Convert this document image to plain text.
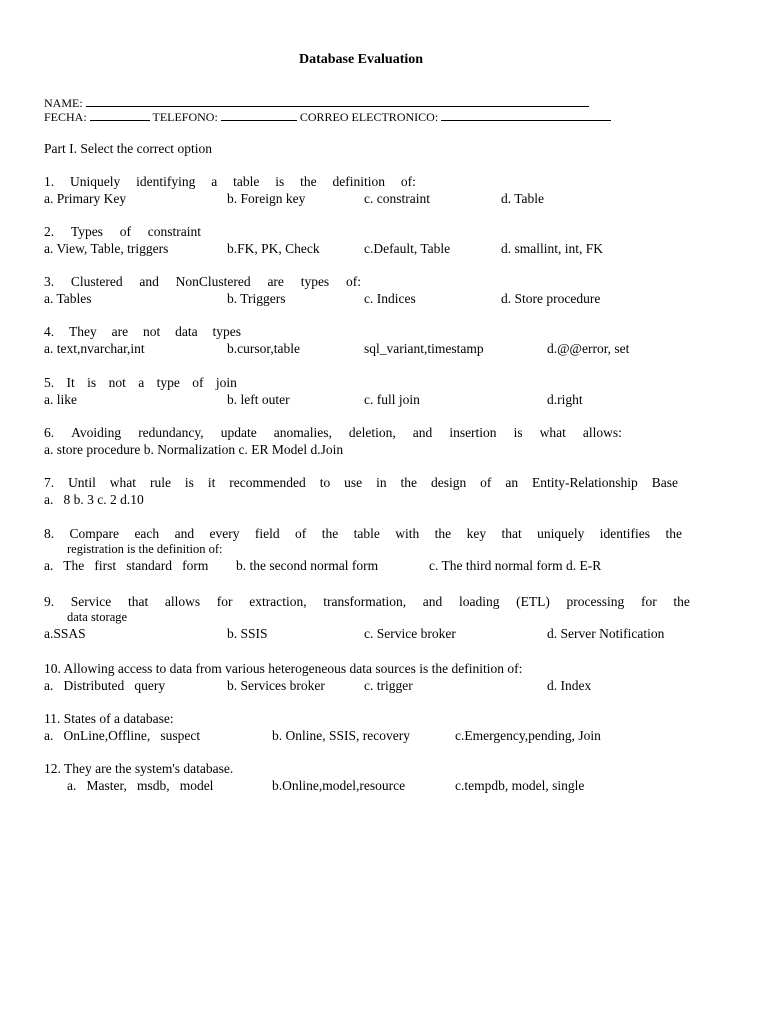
Database Evaluation
NAME:
FECHA:	TELEFONO:	CORREO ELECTRONICO:
Part I. Select the correct option
1. Uniquely identifying a table is the definition of:
a. Primary Key	b. Foreign key	c. constraint	d. Table
2. Types of constraint
a. View, Table, triggers	b.FK, PK, Check	c.Default, Table	d. smallint, int, FK
3. Clustered and NonClustered are types of:
a. Tables	b. Triggers	c. Indices	d. Store procedure
4. They are not data types
a. text,nvarchar,int	b.cursor,table	sql_variant,timestamp	d.@@error, set
5. It is not a type of join
a. like	b. left outer	c. full join	d.right
6. Avoiding redundancy, update anomalies, deletion, and insertion is what allows:
a. store procedure b. Normalization c. ER Model d.Join
7. Until what rule is it recommended to use in the design of an Entity-Relationship Base
a.   8 b. 3 c. 2 d.10
8. Compare each and every field of the table with the key that uniquely identifies the
registration is the definition of:
a.   The   first   standard   form b. the second normal form	c. The third normal form d. E-R
9. Service that allows for extraction, transformation, and loading (ETL) processing for the
data storage
a.SSAS	b. SSIS	c. Service broker	d. Server Notification
10. Allowing access to data from various heterogeneous data sources is the definition of:
a.   Distributed   query	b. Services broker	c. trigger	d. Index
11. States of a database:
a.   OnLine,Offline,   suspect	b. Online, SSIS, recovery	c.Emergency,pending, Join
12. They are the system's database.
a.   Master,   msdb,   model	b.Online,model,resource	c.tempdb, model, single
